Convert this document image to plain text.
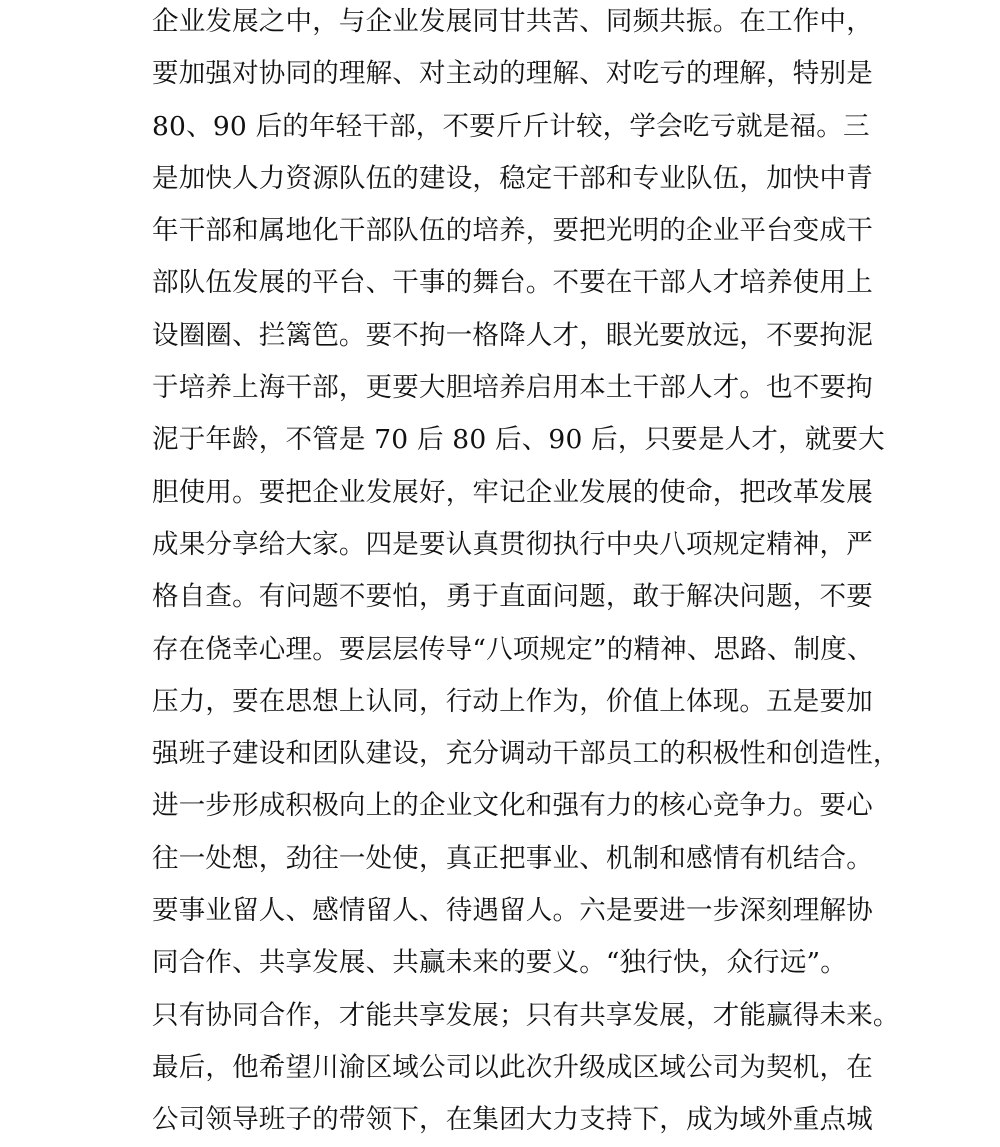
企业发展之中，与企业发展同甘共苦、同频共振。在工作中，
要加强对协同的理解、对主动的理解、对吃亏的理解，特别是
80、90 后的年轻干部，不要斤斤计较，学会吃亏就是福。三
是加快人力资源队伍的建设，稳定干部和专业队伍，加快中青
年干部和属地化干部队伍的培养，要把光明的企业平台变成干
部队伍发展的平台、干事的舞台。不要在干部人才培养使用上
设圈圈、拦篱笆。要不拘一格降人才，眼光要放远，不要拘泥
于培养上海干部，更要大胆培养启用本土干部人才。也不要拘
泥于年龄，不管是 70 后 80 后、90 后，只要是人才，就要大
胆使用。要把企业发展好，牢记企业发展的使命，把改革发展
成果分享给大家。四是要认真贯彻执行中央八项规定精神，严
格自查。有问题不要怕，勇于直面问题，敢于解决问题，不要
存在侥幸心理。要层层传导“八项规定”的精神、思路、制度、
压力，要在思想上认同，行动上作为，价值上体现。五是要加
强班子建设和团队建设，充分调动干部员工的积极性和创造性，
进一步形成积极向上的企业文化和强有力的核心竞争力。要心
往一处想，劲往一处使，真正把事业、机制和感情有机结合。
要事业留人、感情留人、待遇留人。六是要进一步深刻理解协
同合作、共享发展、共赢未来的要义。“独行快，众行远”。
只有协同合作，才能共享发展；只有共享发展，才能赢得未来。
最后，他希望川渝区域公司以此次升级成区域公司为契机，在
公司领导班子的带领下，在集团大力支持下，成为域外重点城
